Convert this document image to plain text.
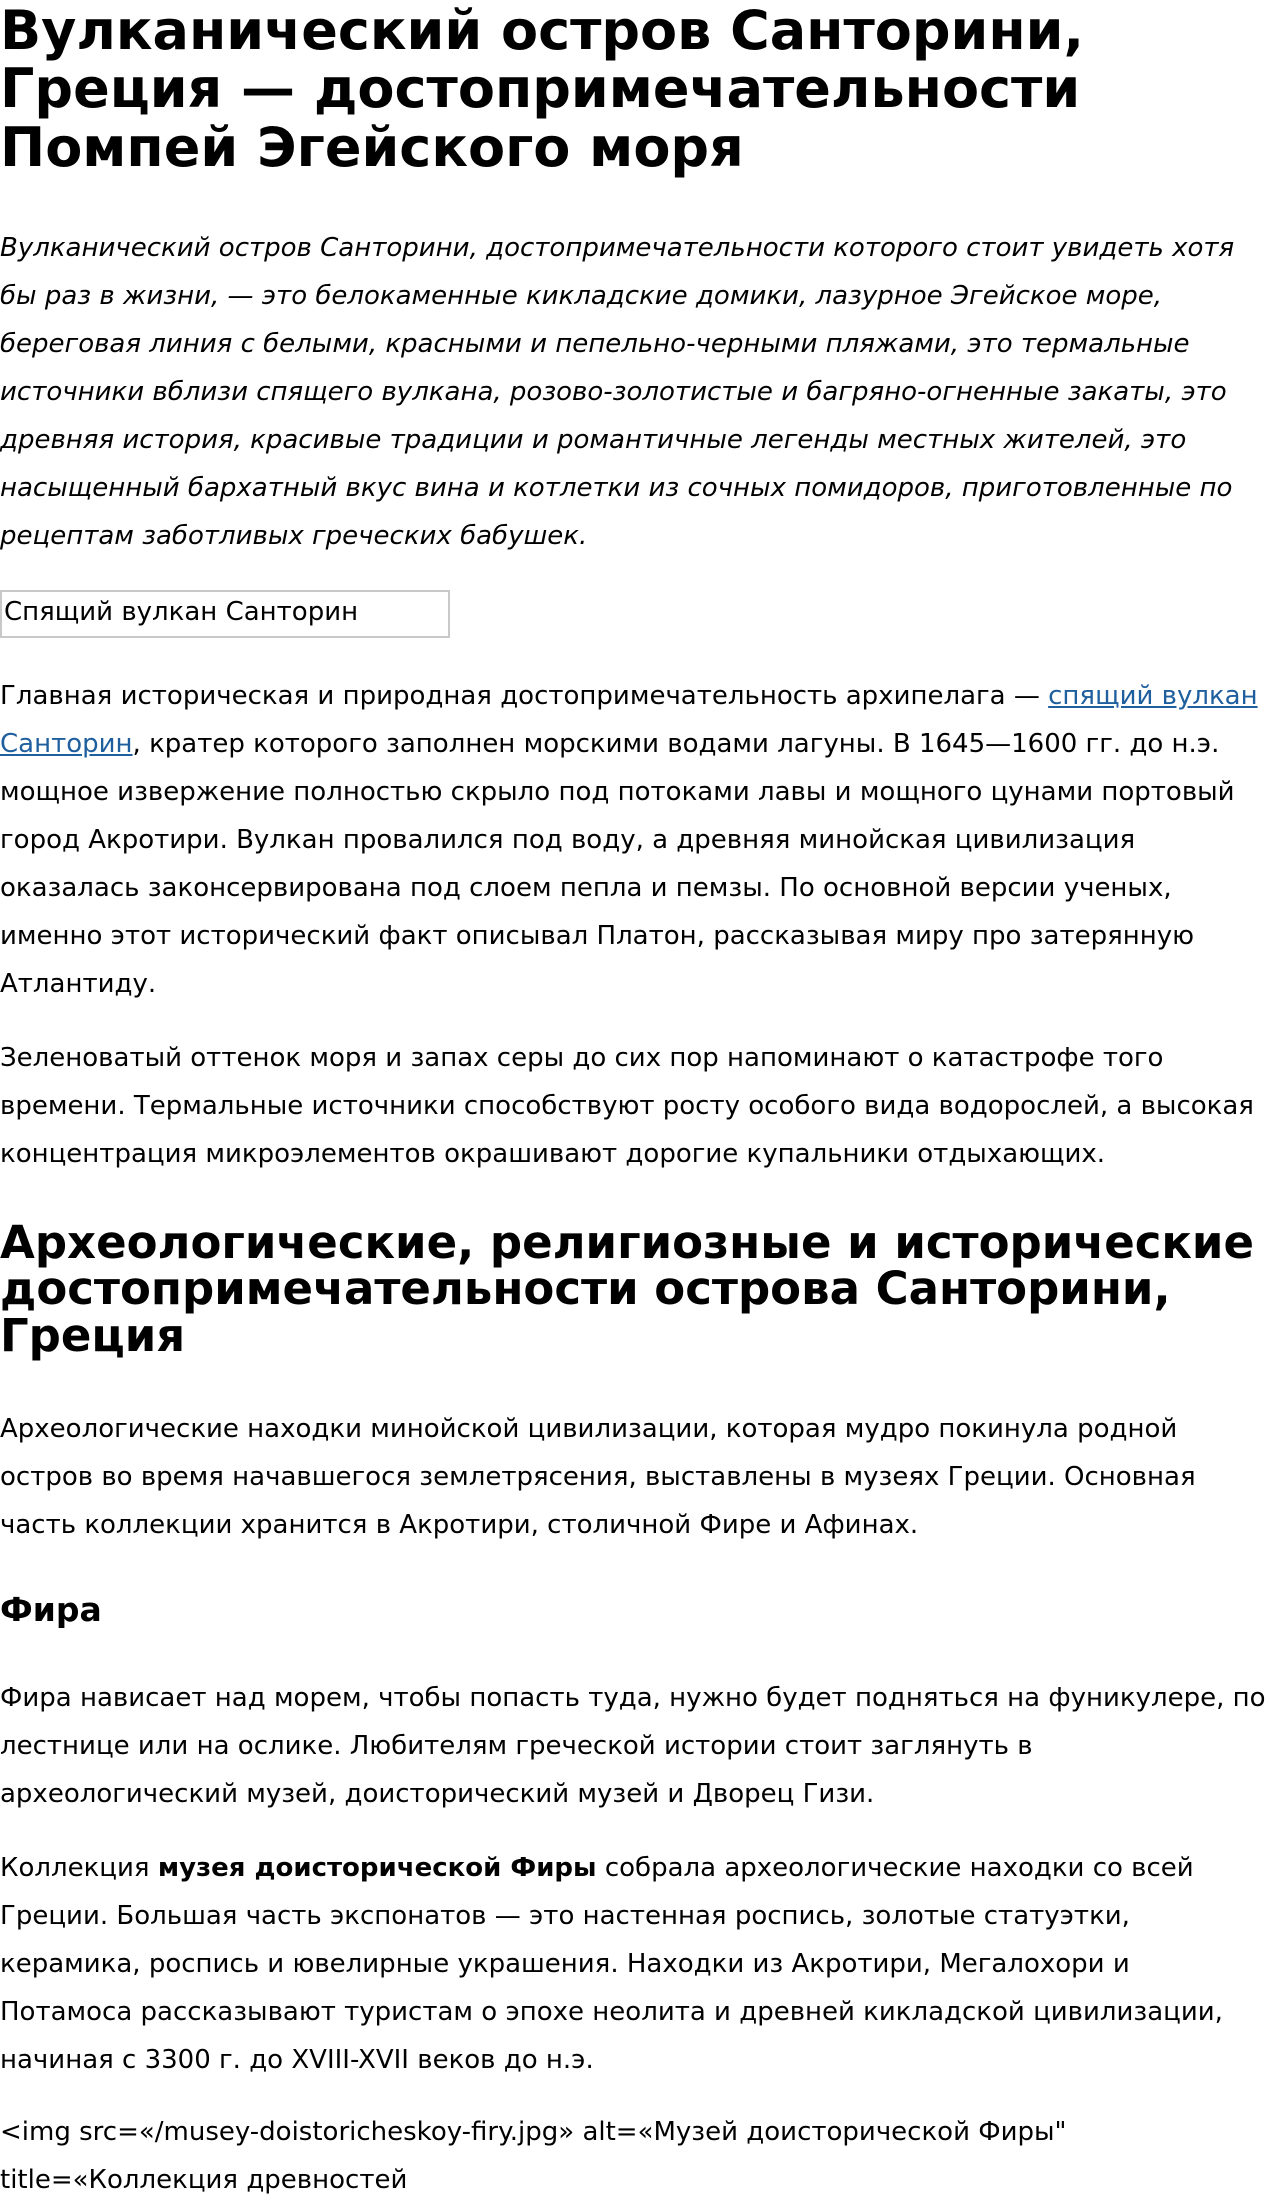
Вулканический остров Санторини, Греция — достопримечательности Помпей Эгейского моря

Вулканический остров Санторини, достопримечательности которого стоит увидеть хотя бы раз в жизни, — это белокаменные кикладские домики, лазурное Эгейское море, береговая линия с белыми, красными и пепельно-черными пляжами, это термальные источники вблизи спящего вулкана, розово-золотистые и багряно-огненные закаты, это древняя история, красивые традиции и романтичные легенды местных жителей, это насыщенный бархатный вкус вина и котлетки из сочных помидоров, приготовленные по рецептам заботливых греческих бабушек.

Спящий вулкан Санторин

Главная историческая и природная достопримечательность архипелага — спящий вулкан Санторин, кратер которого заполнен морскими водами лагуны. В 1645—1600 гг. до н.э. мощное извержение полностью скрыло под потоками лавы и мощного цунами портовый город Акротири. Вулкан провалился под воду, а древняя минойская цивилизация оказалась законсервирована под слоем пепла и пемзы. По основной версии ученых, именно этот исторический факт описывал Платон, рассказывая миру про затерянную Атлантиду.

Зеленоватый оттенок моря и запах серы до сих пор напоминают о катастрофе того времени. Термальные источники способствуют росту особого вида водорослей, а высокая концентрация микроэлементов окрашивают дорогие купальники отдыхающих.

Археологические, религиозные и исторические достопримечательности острова Санторини, Греция

Археологические находки минойской цивилизации, которая мудро покинула родной остров во время начавшегося землетрясения, выставлены в музеях Греции. Основная часть коллекции хранится в Акротири, столичной Фире и Афинах.

Фира

Фира нависает над морем, чтобы попасть туда, нужно будет подняться на фуникулере, по лестнице или на ослике. Любителям греческой истории стоит заглянуть в археологический музей, доисторический музей и Дворец Гизи.

Коллекция музея доисторической Фиры собрала археологические находки со всей Греции. Большая часть экспонатов — это настенная роспись, золотые статуэтки, керамика, роспись и ювелирные украшения. Находки из Акротири, Мегалохори и Потамоса рассказывают туристам о эпохе неолита и древней кикладской цивилизации, начиная с 3300 г. до XVIII-XVII веков до н.э.

<img src=«/musey-doistoricheskoy-firy.jpg» alt=«Музей доисторической Фиры" title=«Коллекция древностей
